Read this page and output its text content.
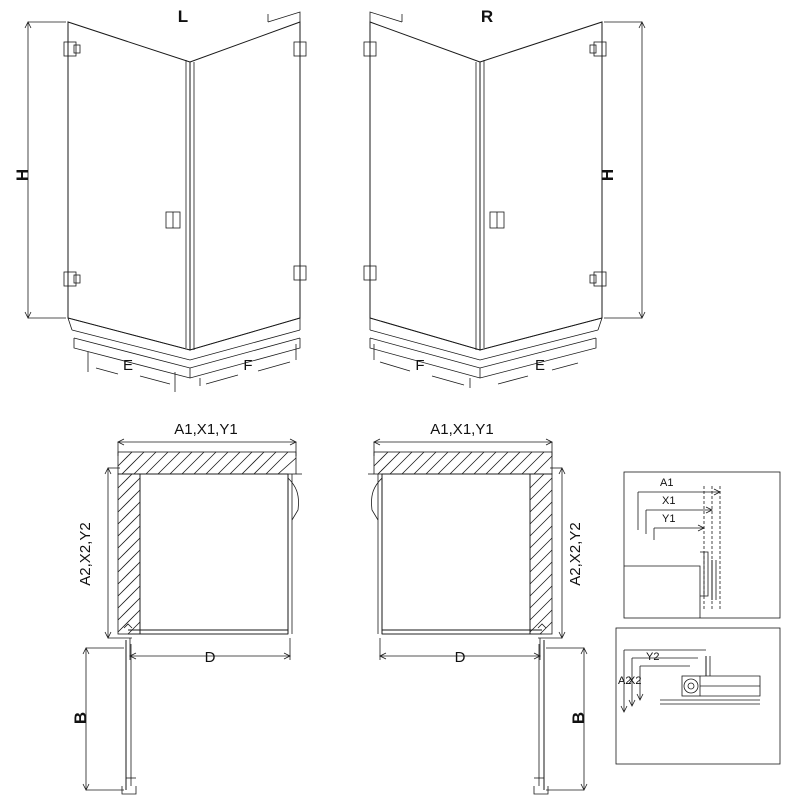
L
H
E	F
R
H
F	E
A1,X1,Y1
A2,X2,Y2
D
B
A1,X1,Y1
A2,X2,Y2
D
B
A1
X1
Y1
Y2
X2
A2
